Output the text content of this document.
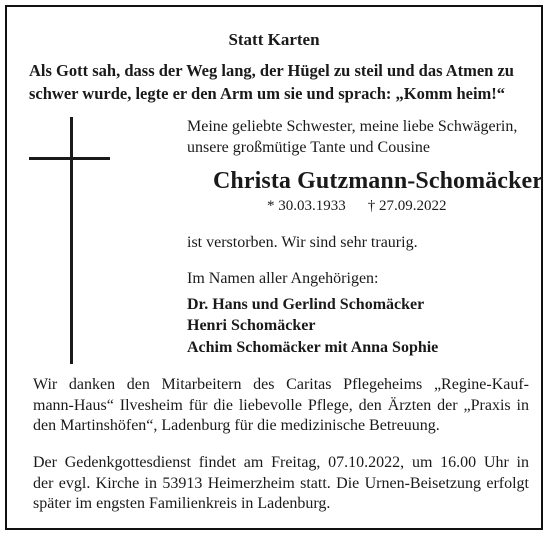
Statt Karten
Als Gott sah, dass der Weg lang, der Hügel zu steil und das Atmen zu
schwer wurde, legte er den Arm um sie und sprach: „Komm heim!“
Meine geliebte Schwester, meine liebe Schwägerin,
unsere großmütige Tante und Cousine
Christa Gutzmann-Schomäcker
* 30.03.1933 † 27.09.2022
ist verstorben. Wir sind sehr traurig.
Im Namen aller Angehörigen:
Dr. Hans und Gerlind Schomäcker
Henri Schomäcker
Achim Schomäcker mit Anna Sophie
Wir danken den Mitarbeitern des Caritas Pflegeheims „Regine-Kauf-
mann-Haus“ Ilvesheim für die liebevolle Pflege, den Ärzten der „Praxis in
den Martinshöfen“, Ladenburg für die medizinische Betreuung.
Der Gedenkgottesdienst findet am Freitag, 07.10.2022, um 16.00 Uhr in
der evgl. Kirche in 53913 Heimerzheim statt. Die Urnen-Beisetzung erfolgt
später im engsten Familienkreis in Ladenburg.
